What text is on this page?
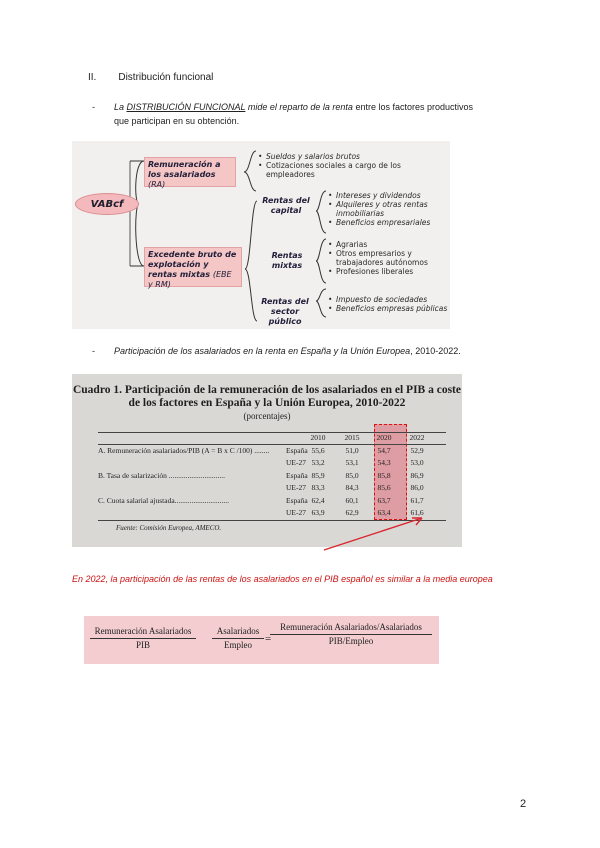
II. Distribución funcional
- La DISTRIBUCIÓN FUNCIONAL mide el reparto de la renta entre los factores productivos
que participan en su obtención.
VABcf
Remuneración a los asalariados (RA)
Excedente bruto de explotación y rentas mixtas (EBE y RM)
• Sueldos y salarios brutos
• Cotizaciones sociales a cargo de los empleadores
Rentas del capital
• Intereses y dividendos
• Alquileres y otras rentas inmobiliarias
• Beneficios empresariales
Rentas mixtas
• Agrarias
• Otros empresarios y trabajadores autónomos
• Profesiones liberales
Rentas del sector público
• Impuesto de sociedades
• Beneficios empresas públicas
- Participación de los asalariados en la renta en España y la Unión Europea, 2010-2022.
Cuadro 1. Participación de la remuneración de los asalariados en el PIB a coste de los factores en España y la Unión Europea, 2010-2022
(porcentajes)
2010	2015	2020	2022
A. Remuneración asalariados/PIB (A = B x C /100) ........ España 55,6	51,0	54,7	52,9
UE-27 53,2	53,1	54,3	53,0
B. Tasa de salarización ..............................	España 85,9	85,0	85,8	86,9
UE-27 83,3	84,3	85,6	86,0
C. Cuota salarial ajustada.............................	España 62,4	60,1	63,7	61,7
UE-27 63,9	62,9	63,4	61,6
Fuente: Comisión Europea, AMECO.
En 2022, la participación de las rentas de los asalariados en el PIB español es similar a la media europea
Remuneración Asalariados
PIB	=
Asalariados
Empleo
Remuneración Asalariados/Asalariados
PIB/Empleo
2
